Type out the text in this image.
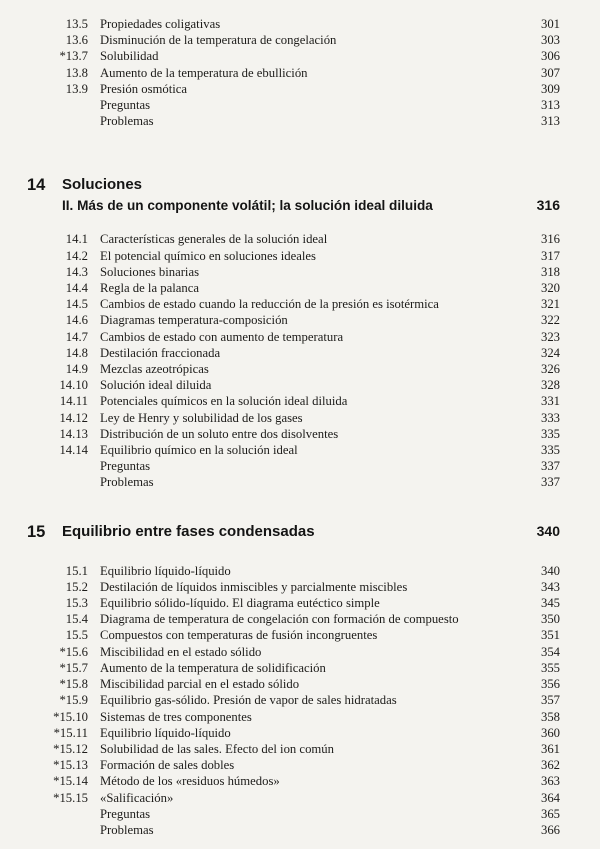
13.5 Propiedades coligativas	301
13.6 Disminución de la temperatura de congelación	303
*13.7 Solubilidad	306
13.8 Aumento de la temperatura de ebullición	307
13.9 Presión osmótica	309
Preguntas	313
Problemas	313
14	Soluciones
II. Más de un componente volátil; la solución ideal diluida	316
14.1 Características generales de la solución ideal	316
14.2 El potencial químico en soluciones ideales	317
14.3 Soluciones binarias	318
14.4 Regla de la palanca	320
14.5 Cambios de estado cuando la reducción de la presión es isotérmica	321
14.6 Diagramas temperatura-composición	322
14.7 Cambios de estado con aumento de temperatura	323
14.8 Destilación fraccionada	324
14.9 Mezclas azeotrópicas	326
14.10 Solución ideal diluida	328
14.11 Potenciales químicos en la solución ideal diluida	331
14.12 Ley de Henry y solubilidad de los gases	333
14.13 Distribución de un soluto entre dos disolventes	335
14.14 Equilibrio químico en la solución ideal	335
Preguntas	337
Problemas	337
15	Equilibrio entre fases condensadas	340
15.1 Equilibrio líquido-líquido	340
15.2 Destilación de líquidos inmiscibles y parcialmente miscibles	343
15.3 Equilibrio sólido-líquido. El diagrama eutéctico simple	345
15.4 Diagrama de temperatura de congelación con formación de compuesto	350
15.5 Compuestos con temperaturas de fusión incongruentes	351
*15.6 Miscibilidad en el estado sólido	354
*15.7 Aumento de la temperatura de solidificación	355
*15.8 Miscibilidad parcial en el estado sólido	356
*15.9 Equilibrio gas-sólido. Presión de vapor de sales hidratadas	357
*15.10 Sistemas de tres componentes	358
*15.11 Equilibrio líquido-líquido	360
*15.12 Solubilidad de las sales. Efecto del ion común	361
*15.13 Formación de sales dobles	362
*15.14 Método de los «residuos húmedos»	363
*15.15 «Salificación»	364
Preguntas	365
Problemas	366
